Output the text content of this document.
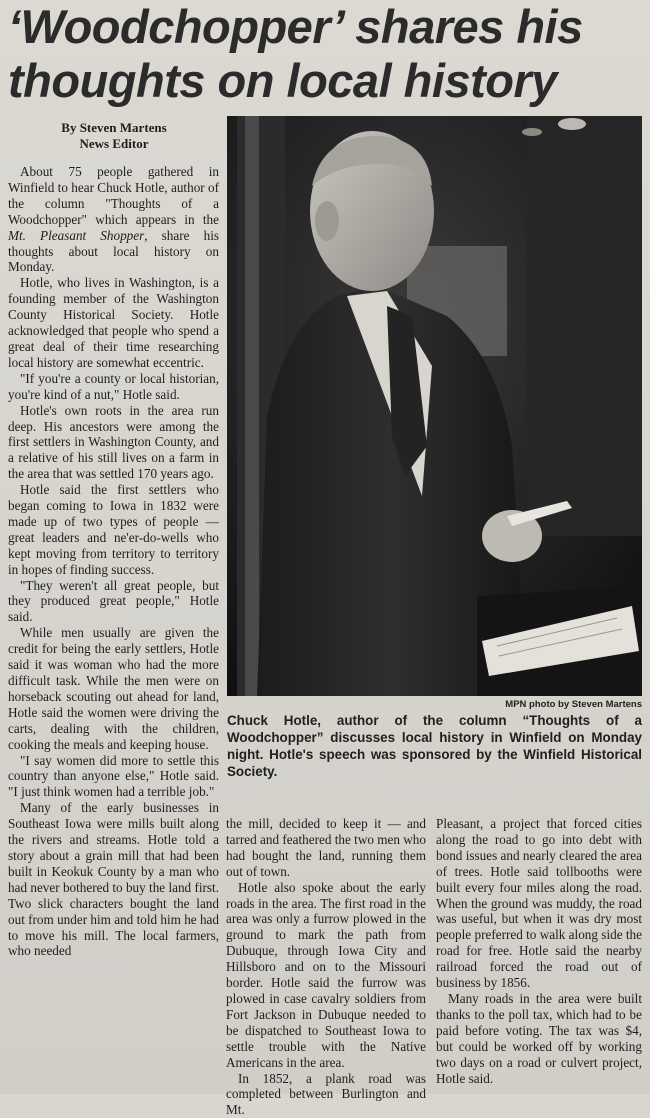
‘Woodchopper’ shares his thoughts on local history
By Steven Martens
News Editor

About 75 people gathered in Winfield to hear Chuck Hotle, author of the column "Thoughts of a Woodchopper" which appears in the Mt. Pleasant Shopper, share his thoughts about local history on Monday.

Hotle, who lives in Washington, is a founding member of the Washington County Historical Society. Hotle acknowledged that people who spend a great deal of their time researching local history are somewhat eccentric.

"If you're a county or local historian, you're kind of a nut," Hotle said.

Hotle's own roots in the area run deep. His ancestors were among the first settlers in Washington County, and a relative of his still lives on a farm in the area that was settled 170 years ago.

Hotle said the first settlers who began coming to Iowa in 1832 were made up of two types of people — great leaders and ne'er-do-wells who kept moving from territory to territory in hopes of finding success.

"They weren't all great people, but they produced great people," Hotle said.

While men usually are given the credit for being the early settlers, Hotle said it was woman who had the more difficult task. While the men were on horseback scouting out ahead for land, Hotle said the women were driving the carts, dealing with the children, cooking the meals and keeping house.

"I say women did more to settle this country than anyone else," Hotle said. "I just think women had a terrible job."

Many of the early businesses in Southeast Iowa were mills built along the rivers and streams. Hotle told a story about a grain mill that had been built in Keokuk County by a man who had never bothered to buy the land first. Two slick characters bought the land out from under him and told him he had to move his mill. The local farmers, who needed

MPN photo by Steven Martens

Chuck Hotle, author of the column “Thoughts of a Woodchopper” discusses local history in Winfield on Monday night. Hotle's speech was sponsored by the Winfield Historical Society.

the mill, decided to keep it — and tarred and feathered the two men who had bought the land, running them out of town.

Hotle also spoke about the early roads in the area. The first road in the area was only a furrow plowed in the ground to mark the path from Dubuque, through Iowa City and Hillsboro and on to the Missouri border. Hotle said the furrow was plowed in case cavalry soldiers from Fort Jackson in Dubuque needed to be dispatched to Southeast Iowa to settle trouble with the Native Americans in the area.

In 1852, a plank road was completed between Burlington and Mt.

Pleasant, a project that forced cities along the road to go into debt with bond issues and nearly cleared the area of trees. Hotle said tollbooths were built every four miles along the road. When the ground was muddy, the road was useful, but when it was dry most people preferred to walk along side the road for free. Hotle said the nearby railroad forced the road out of business by 1856.

Many roads in the area were built thanks to the poll tax, which had to be paid before voting. The tax was $4, but could be worked off by working two days on a road or culvert project, Hotle said.
